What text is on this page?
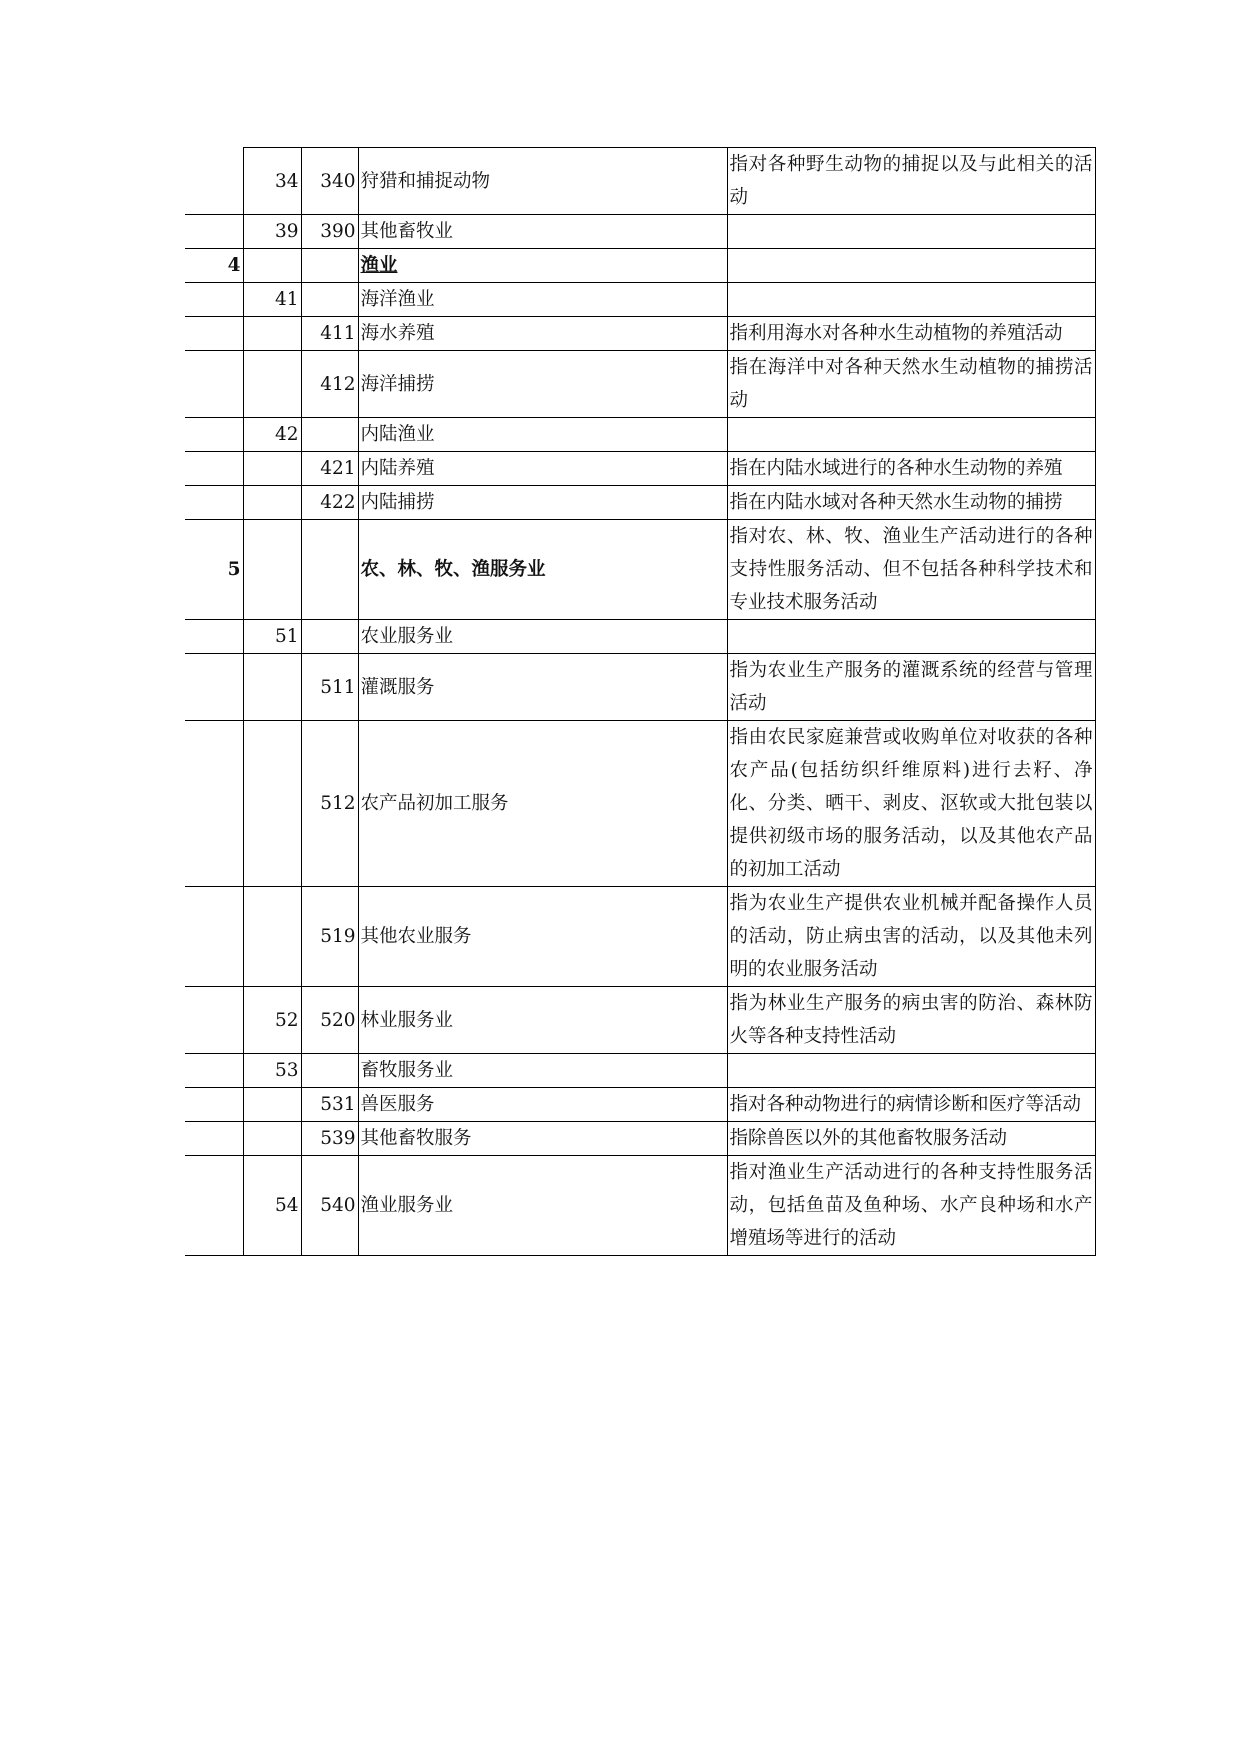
	34	340	狩猎和捕捉动物	指对各种野生动物的捕捉以及与此相关的活动
	39	390	其他畜牧业	
4			渔业	
	41		海洋渔业	
		411	海水养殖	指利用海水对各种水生动植物的养殖活动
		412	海洋捕捞	指在海洋中对各种天然水生动植物的捕捞活动
	42		内陆渔业	
		421	内陆养殖	指在内陆水域进行的各种水生动物的养殖
		422	内陆捕捞	指在内陆水域对各种天然水生动物的捕捞
5			农、林、牧、渔服务业	指对农、林、牧、渔业生产活动进行的各种支持性服务活动、但不包括各种科学技术和专业技术服务活动
	51		农业服务业	
		511	灌溉服务	指为农业生产服务的灌溉系统的经营与管理活动
		512	农产品初加工服务	指由农民家庭兼营或收购单位对收获的各种农产品(包括纺织纤维原料)进行去籽、净化、分类、晒干、剥皮、沤软或大批包装以提供初级市场的服务活动，以及其他农产品的初加工活动
		519	其他农业服务	指为农业生产提供农业机械并配备操作人员的活动，防止病虫害的活动，以及其他未列明的农业服务活动
	52	520	林业服务业	指为林业生产服务的病虫害的防治、森林防火等各种支持性活动
	53		畜牧服务业	
		531	兽医服务	指对各种动物进行的病情诊断和医疗等活动
		539	其他畜牧服务	指除兽医以外的其他畜牧服务活动
	54	540	渔业服务业	指对渔业生产活动进行的各种支持性服务活动，包括鱼苗及鱼种场、水产良种场和水产增殖场等进行的活动
